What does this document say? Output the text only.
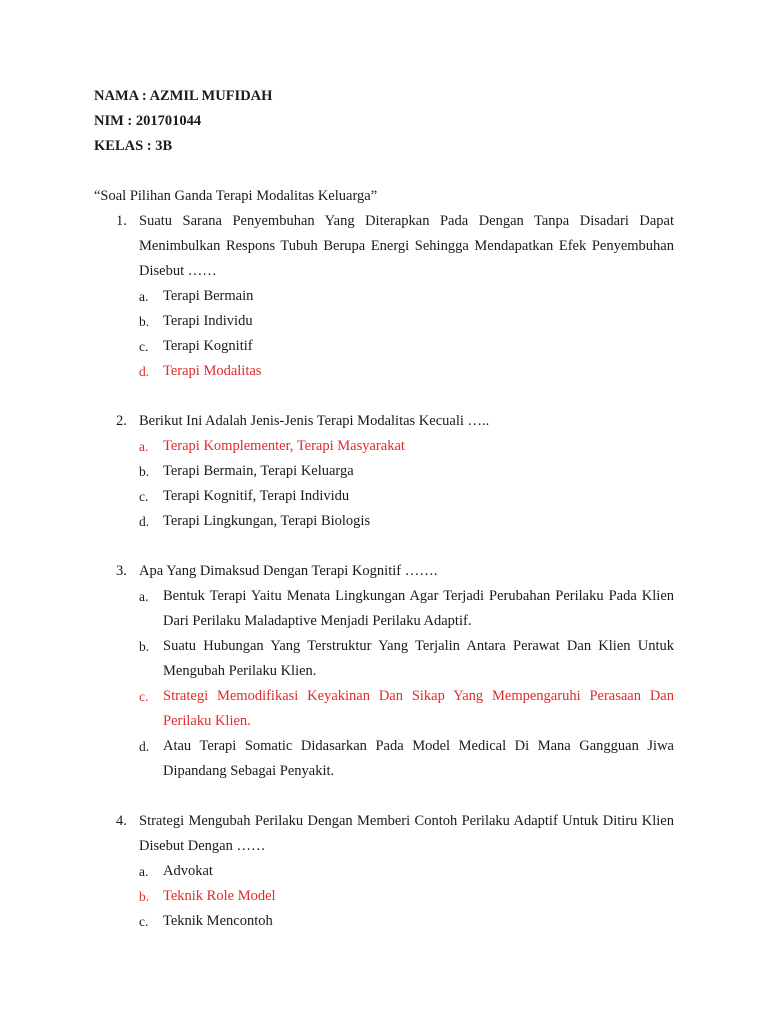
NAMA : AZMIL MUFIDAH
NIM : 201701044
KELAS : 3B
“Soal Pilihan Ganda Terapi Modalitas Keluarga”
1. Suatu Sarana Penyembuhan Yang Diterapkan Pada Dengan Tanpa Disadari Dapat Menimbulkan Respons Tubuh Berupa Energi Sehingga Mendapatkan Efek Penyembuhan Disebut ……
a. Terapi Bermain
b. Terapi Individu
c. Terapi Kognitif
d. Terapi Modalitas
2. Berikut Ini Adalah Jenis-Jenis Terapi Modalitas Kecuali …..
a. Terapi Komplementer, Terapi Masyarakat
b. Terapi Bermain, Terapi Keluarga
c. Terapi Kognitif, Terapi Individu
d. Terapi Lingkungan, Terapi Biologis
3. Apa Yang Dimaksud Dengan Terapi Kognitif …….
a. Bentuk Terapi Yaitu Menata Lingkungan Agar Terjadi Perubahan Perilaku Pada Klien Dari Perilaku Maladaptive Menjadi Perilaku Adaptif.
b. Suatu Hubungan Yang Terstruktur Yang Terjalin Antara Perawat Dan Klien Untuk Mengubah Perilaku Klien.
c. Strategi Memodifikasi Keyakinan Dan Sikap Yang Mempengaruhi Perasaan Dan Perilaku Klien.
d. Atau Terapi Somatic Didasarkan Pada Model Medical Di Mana Gangguan Jiwa Dipandang Sebagai Penyakit.
4. Strategi Mengubah Perilaku Dengan Memberi Contoh Perilaku Adaptif Untuk Ditiru Klien Disebut Dengan ……
a. Advokat
b. Teknik Role Model
c. Teknik Mencontoh
